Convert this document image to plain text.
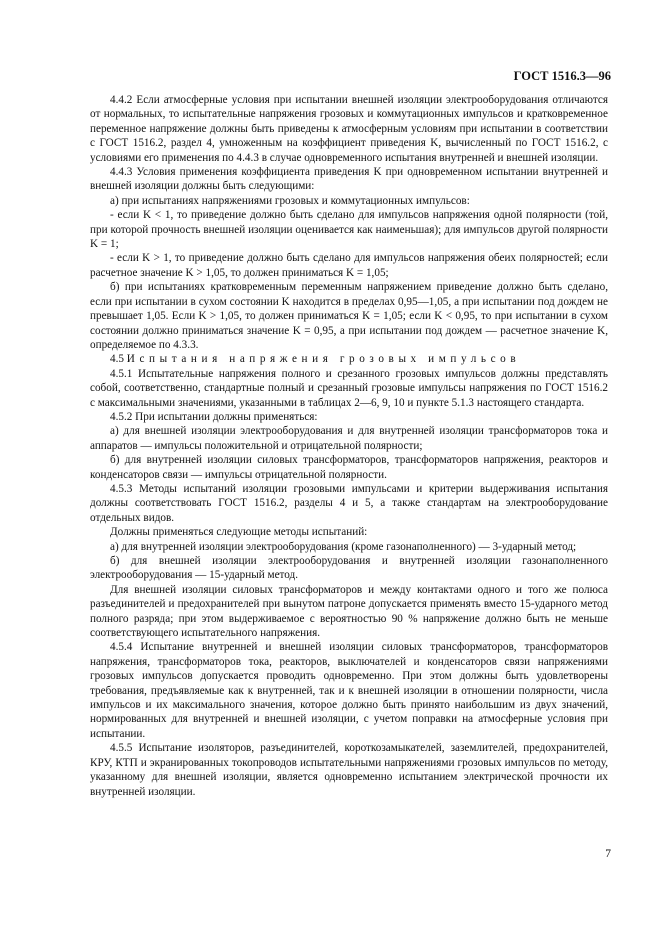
ГОСТ 1516.3—96

4.4.2 Если атмосферные условия при испытании внешней изоляции электрооборудования отличаются от нормальных, то испытательные напряжения грозовых и коммутационных импульсов и кратковременное переменное напряжение должны быть приведены к атмосферным условиям при испытании в соответствии с ГОСТ 1516.2, раздел 4, умноженным на коэффициент приведения K, вычисленный по ГОСТ 1516.2, с условиями его применения по 4.4.3 в случае одновременного испытания внутренней и внешней изоляции.

4.4.3 Условия применения коэффициента приведения K при одновременном испытании внутренней и внешней изоляции должны быть следующими:

а) при испытаниях напряжениями грозовых и коммутационных импульсов:

- если K < 1, то приведение должно быть сделано для импульсов напряжения одной полярности (той, при которой прочность внешней изоляции оценивается как наименьшая); для импульсов другой полярности K = 1;

- если K > 1, то приведение должно быть сделано для импульсов напряжения обеих полярностей; если расчетное значение K > 1,05, то должен приниматься K = 1,05;

б) при испытаниях кратковременным переменным напряжением приведение должно быть сделано, если при испытании в сухом состоянии K находится в пределах 0,95—1,05, а при испытании под дождем не превышает 1,05. Если K > 1,05, то должен приниматься K = 1,05; если K < 0,95, то при испытании в сухом состоянии должно приниматься значение K = 0,95, а при испытании под дождем — расчетное значение K, определяемое по 4.3.3.

4.5 Испытания напряжения грозовых импульсов

4.5.1 Испытательные напряжения полного и срезанного грозовых импульсов должны представлять собой, соответственно, стандартные полный и срезанный грозовые импульсы напряжения по ГОСТ 1516.2 с максимальными значениями, указанными в таблицах 2—6, 9, 10 и пункте 5.1.3 настоящего стандарта.

4.5.2 При испытании должны применяться:

а) для внешней изоляции электрооборудования и для внутренней изоляции трансформаторов тока и аппаратов — импульсы положительной и отрицательной полярности;

б) для внутренней изоляции силовых трансформаторов, трансформаторов напряжения, реакторов и конденсаторов связи — импульсы отрицательной полярности.

4.5.3 Методы испытаний изоляции грозовыми импульсами и критерии выдерживания испытания должны соответствовать ГОСТ 1516.2, разделы 4 и 5, а также стандартам на электрооборудование отдельных видов.

Должны применяться следующие методы испытаний:

а) для внутренней изоляции электрооборудования (кроме газонаполненного) — 3-ударный метод;

б) для внешней изоляции электрооборудования и внутренней изоляции газонаполненного электрооборудования — 15-ударный метод.

Для внешней изоляции силовых трансформаторов и между контактами одного и того же полюса разъединителей и предохранителей при вынутом патроне допускается применять вместо 15-ударного метод полного разряда; при этом выдерживаемое с вероятностью 90 % напряжение должно быть не меньше соответствующего испытательного напряжения.

4.5.4 Испытание внутренней и внешней изоляции силовых трансформаторов, трансформаторов напряжения, трансформаторов тока, реакторов, выключателей и конденсаторов связи напряжениями грозовых импульсов допускается проводить одновременно. При этом должны быть удовлетворены требования, предъявляемые как к внутренней, так и к внешней изоляции в отношении полярности, числа импульсов и их максимального значения, которое должно быть принято наибольшим из двух значений, нормированных для внутренней и внешней изоляции, с учетом поправки на атмосферные условия при испытании.

4.5.5 Испытание изоляторов, разъединителей, короткозамыкателей, заземлителей, предохранителей, КРУ, КТП и экранированных токопроводов испытательными напряжениями грозовых импульсов по методу, указанному для внешней изоляции, является одновременно испытанием электрической прочности их внутренней изоляции.

7
